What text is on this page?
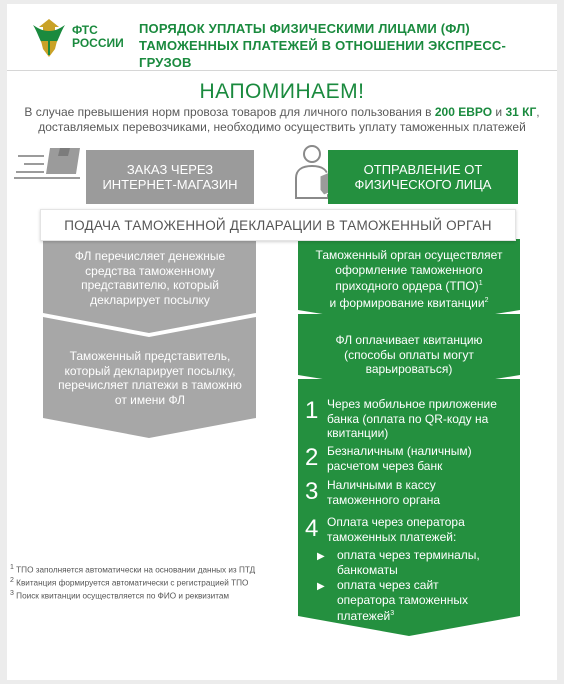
ФТС
РОССИИ
ПОРЯДОК УПЛАТЫ ФИЗИЧЕСКИМИ ЛИЦАМИ (ФЛ)
ТАМОЖЕННЫХ ПЛАТЕЖЕЙ В ОТНОШЕНИИ ЭКСПРЕСС-ГРУЗОВ
НАПОМИНАЕМ!
В случае превышения норм провоза товаров для личного пользования в 200 ЕВРО и 31 КГ,
доставляемых перевозчиками, необходимо осуществить уплату таможенных платежей
ЗАКАЗ ЧЕРЕЗ
ИНТЕРНЕТ-МАГАЗИН
ОТПРАВЛЕНИЕ ОТ
ФИЗИЧЕСКОГО ЛИЦА
ПОДАЧА ТАМОЖЕННОЙ ДЕКЛАРАЦИИ В ТАМОЖЕННЫЙ ОРГАН
ФЛ перечисляет денежные
средства таможенному
представителю, который
декларирует посылку
Таможенный представитель,
который декларирует посылку,
перечисляет платежи в таможню
от имени ФЛ
Таможенный орган осуществляет
оформление таможенного
приходного ордера (ТПО)$^1$
и формирование квитанции$^2$
ФЛ оплачивает квитанцию
(способы оплаты могут
варьироваться)
1 Через мобильное приложение
банка (оплата по QR-коду на
квитанции)
2 Безналичным (наличным)
расчетом через банк
3 Наличными в кассу
таможенного органа
4 Оплата через оператора
таможенных платежей:
▶ оплата через терминалы,
банкоматы
▶ оплата через сайт
оператора таможенных
платежей$^3$
$^1$ ТПО заполняется автоматически на основании данных из ПТД
$^2$ Квитанция формируется автоматически с регистрацией ТПО
$^3$ Поиск квитанции осуществляется по ФИО и реквизитам
